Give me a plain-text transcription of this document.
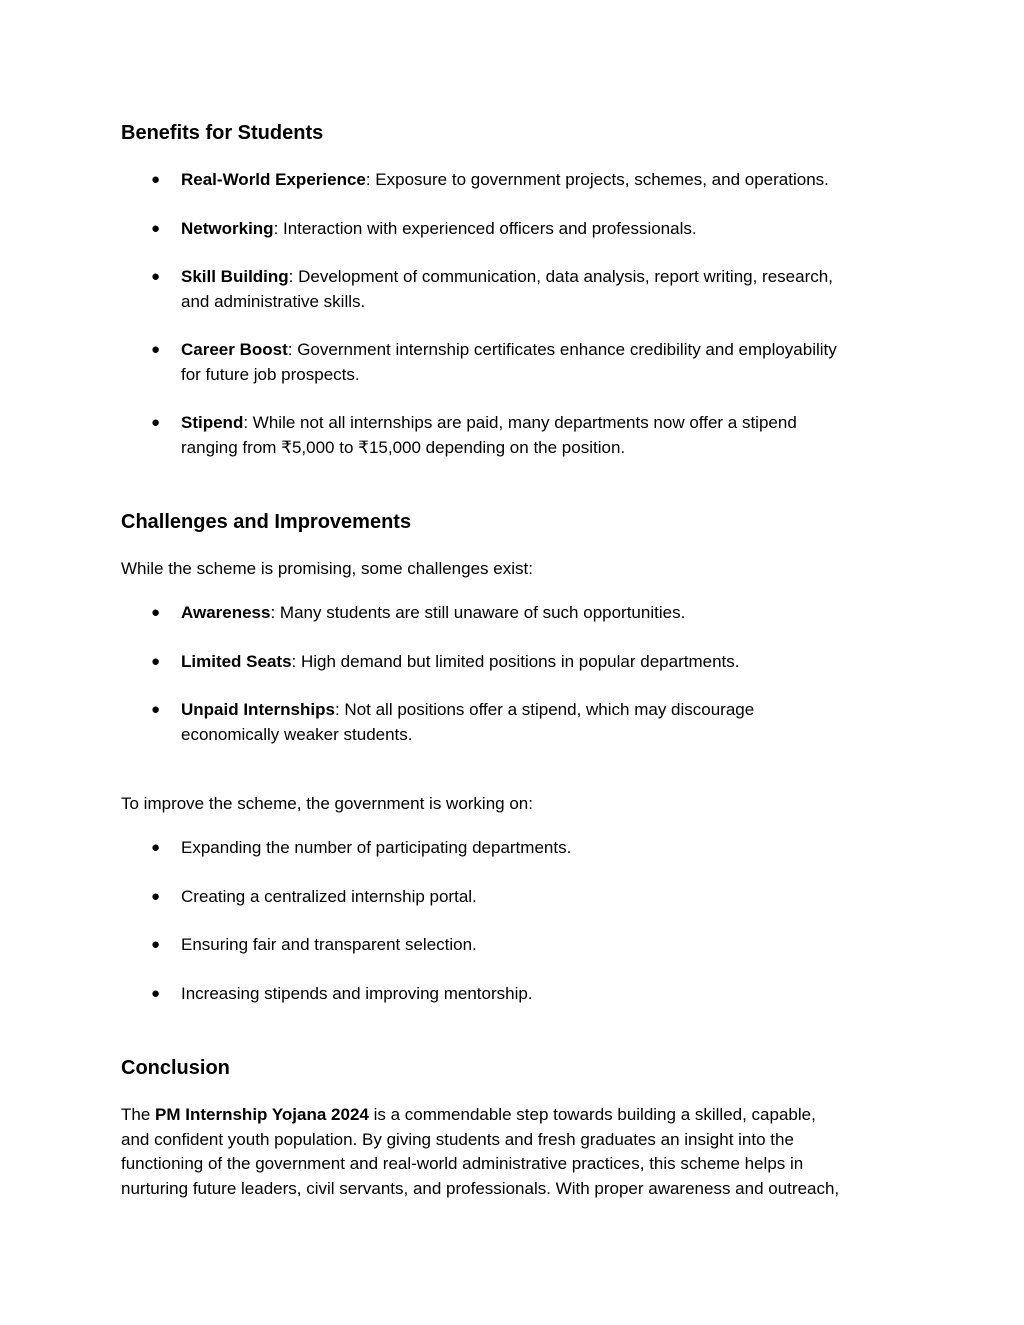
Benefits for Students
● Real-World Experience: Exposure to government projects, schemes, and operations.
● Networking: Interaction with experienced officers and professionals.
● Skill Building: Development of communication, data analysis, report writing, research,
and administrative skills.
● Career Boost: Government internship certificates enhance credibility and employability
for future job prospects.
● Stipend: While not all internships are paid, many departments now offer a stipend
ranging from ₹5,000 to ₹15,000 depending on the position.
Challenges and Improvements

While the scheme is promising, some challenges exist:

● Awareness: Many students are still unaware of such opportunities.
● Limited Seats: High demand but limited positions in popular departments.
● Unpaid Internships: Not all positions offer a stipend, which may discourage
economically weaker students.

To improve the scheme, the government is working on:

● Expanding the number of participating departments.
● Creating a centralized internship portal.
● Ensuring fair and transparent selection.
● Increasing stipends and improving mentorship.
Conclusion
The PM Internship Yojana 2024 is a commendable step towards building a skilled, capable,
and confident youth population. By giving students and fresh graduates an insight into the
functioning of the government and real-world administrative practices, this scheme helps in
nurturing future leaders, civil servants, and professionals. With proper awareness and outreach,
